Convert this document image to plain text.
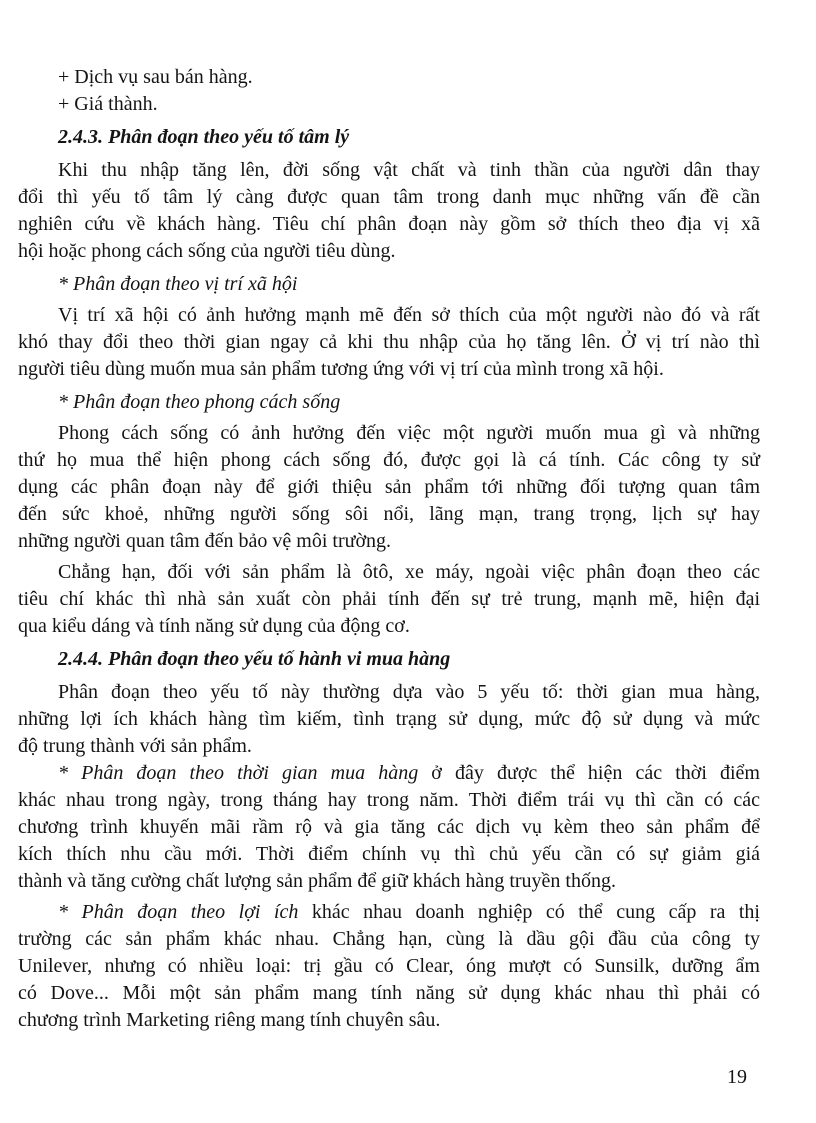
+ Dịch vụ sau bán hàng.

+ Giá thành.

2.4.3. Phân đoạn theo yếu tố tâm lý

Khi thu nhập tăng lên, đời sống vật chất và tinh thần của người dân thay

đổi thì yếu tố tâm lý càng được quan tâm trong danh mục những vấn đề cần

nghiên cứu về khách hàng. Tiêu chí phân đoạn này gồm sở thích theo địa vị xã

hội hoặc phong cách sống của người tiêu dùng.

* Phân đoạn theo vị trí xã hội

Vị trí xã hội có ảnh hưởng mạnh mẽ đến sở thích của một người nào đó và rất

khó thay đổi theo thời gian ngay cả khi thu nhập của họ tăng lên. Ở vị trí nào thì

người tiêu dùng muốn mua sản phẩm tương ứng với vị trí của mình trong xã hội.

* Phân đoạn theo phong cách sống

Phong cách sống có ảnh hưởng đến việc một người muốn mua gì và những

thứ họ mua thể hiện phong cách sống đó, được gọi là cá tính. Các công ty sử

dụng các phân đoạn này để giới thiệu sản phẩm tới những đối tượng quan tâm

đến sức khoẻ, những người sống sôi nổi, lãng mạn, trang trọng, lịch sự hay

những người quan tâm đến bảo vệ môi trường.

Chẳng hạn, đối với sản phẩm là ôtô, xe máy, ngoài việc phân đoạn theo các

tiêu chí khác thì nhà sản xuất còn phải tính đến sự trẻ trung, mạnh mẽ, hiện đại

qua kiểu dáng và tính năng sử dụng của động cơ.

2.4.4. Phân đoạn theo yếu tố hành vi mua hàng

Phân đoạn theo yếu tố này thường dựa vào 5 yếu tố: thời gian mua hàng,

những lợi ích khách hàng tìm kiếm, tình trạng sử dụng, mức độ sử dụng và mức

độ trung thành với sản phẩm.

* Phân đoạn theo thời gian mua hàng ở đây được thể hiện các thời điểm

khác nhau trong ngày, trong tháng hay trong năm. Thời điểm trái vụ thì cần có các

chương trình khuyến mãi rầm rộ và gia tăng các dịch vụ kèm theo sản phẩm để

kích thích nhu cầu mới. Thời điểm chính vụ thì chủ yếu cần có sự giảm giá

thành và tăng cường chất lượng sản phẩm để giữ khách hàng truyền thống.

* Phân đoạn theo lợi ích khác nhau doanh nghiệp có thể cung cấp ra thị

trường các sản phẩm khác nhau. Chẳng hạn, cùng là dầu gội đầu của công ty

Unilever, nhưng có nhiều loại: trị gầu có Clear, óng mượt có Sunsilk, dưỡng ẩm

có Dove... Mỗi một sản phẩm mang tính năng sử dụng khác nhau thì phải có

chương trình Marketing riêng mang tính chuyên sâu.

19
